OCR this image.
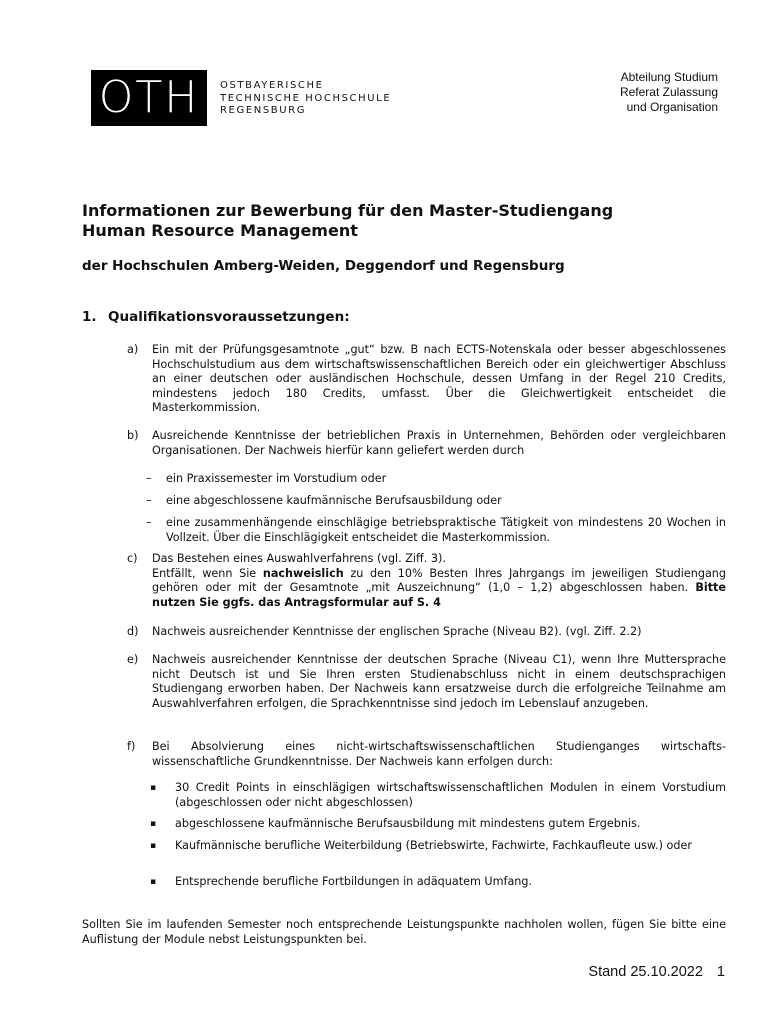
OTH	OSTBAYERISCHE
TECHNISCHE HOCHSCHULE
REGENSBURG
Abteilung Studium
Referat Zulassung
und Organisation
Informationen zur Bewerbung für den Master-Studiengang
Human Resource Management
der Hochschulen Amberg-Weiden, Deggendorf und Regensburg
1. Qualifikationsvoraussetzungen:
a) Ein mit der Prüfungsgesamtnote „gut“ bzw. B nach ECTS-Notenskala oder besser abgeschlossenes Hochschulstudium aus dem wirtschaftswissenschaftlichen Bereich oder ein gleichwertiger Abschluss an einer deutschen oder ausländischen Hochschule, dessen Umfang in der Regel 210 Credits, mindestens jedoch 180 Credits, umfasst. Über die Gleichwertigkeit entscheidet die Masterkommission.
b) Ausreichende Kenntnisse der betrieblichen Praxis in Unternehmen, Behörden oder vergleichbaren Organisationen. Der Nachweis hierfür kann geliefert werden durch
– ein Praxissemester im Vorstudium oder
– eine abgeschlossene kaufmännische Berufsausbildung oder
– eine zusammenhängende einschlägige betriebspraktische Tätigkeit von mindestens 20 Wochen in Vollzeit. Über die Einschlägigkeit entscheidet die Masterkommission.
c) Das Bestehen eines Auswahlverfahrens (vgl. Ziff. 3).
Entfällt, wenn Sie nachweislich zu den 10% Besten Ihres Jahrgangs im jeweiligen Studiengang gehören oder mit der Gesamtnote „mit Auszeichnung“ (1,0 – 1,2) abgeschlossen haben. Bitte nutzen Sie ggfs. das Antragsformular auf S. 4
d) Nachweis ausreichender Kenntnisse der englischen Sprache (Niveau B2). (vgl. Ziff. 2.2)
e) Nachweis ausreichender Kenntnisse der deutschen Sprache (Niveau C1), wenn Ihre Muttersprache nicht Deutsch ist und Sie Ihren ersten Studienabschluss nicht in einem deutschsprachigen Studiengang erworben haben. Der Nachweis kann ersatzweise durch die erfolgreiche Teilnahme am Auswahlverfahren erfolgen, die Sprachkenntnisse sind jedoch im Lebenslauf anzugeben.
f) Bei Absolvierung eines nicht-wirtschaftswissenschaftlichen Studienganges wirtschafts-wissenschaftliche Grundkenntnisse. Der Nachweis kann erfolgen durch:
▪ 30 Credit Points in einschlägigen wirtschaftswissenschaftlichen Modulen in einem Vorstudium (abgeschlossen oder nicht abgeschlossen)
▪ abgeschlossene kaufmännische Berufsausbildung mit mindestens gutem Ergebnis.
▪ Kaufmännische berufliche Weiterbildung (Betriebswirte, Fachwirte, Fachkaufleute usw.) oder
▪ Entsprechende berufliche Fortbildungen in adäquatem Umfang.
Sollten Sie im laufenden Semester noch entsprechende Leistungspunkte nachholen wollen, fügen Sie bitte eine Auflistung der Module nebst Leistungspunkten bei.
Stand 25.10.2022 1
